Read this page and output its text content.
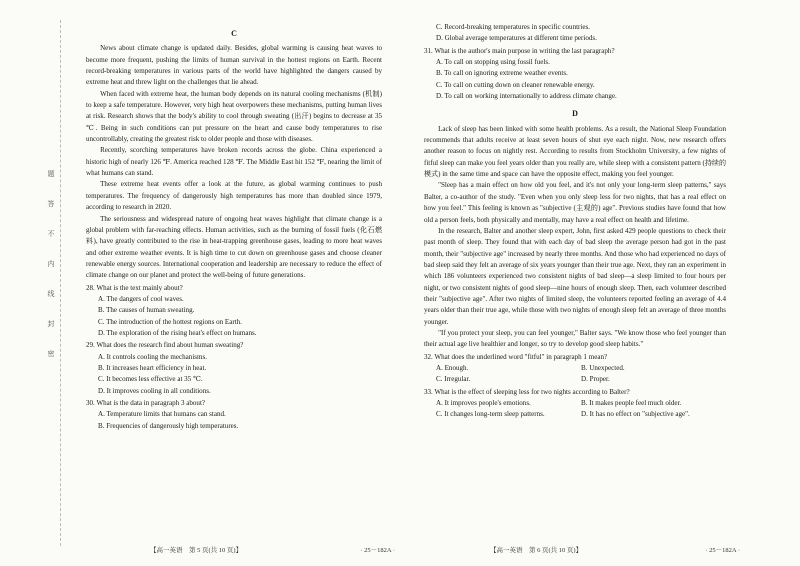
题
答
不
内
线
封
密
C

News about climate change is updated daily. Besides, global warming is causing heat waves to become more frequent, pushing the limits of human survival in the hottest regions on Earth. Recent record-breaking temperatures in various parts of the world have highlighted the dangers caused by extreme heat and threw light on the challenges that lie ahead.

When faced with extreme heat, the human body depends on its natural cooling mechanisms (机制) to keep a safe temperature. However, very high heat overpowers these mechanisms, putting human lives at risk. Research shows that the body's ability to cool through sweating (出汗) begins to decrease at 35 ℃. Being in such conditions can put pressure on the heart and cause body temperatures to rise uncontrollably, creating the greatest risk to older people and those with diseases.

Recently, scorching temperatures have broken records across the globe. China experienced a historic high of nearly 126 ℉. America reached 128 ℉. The Middle East hit 152 ℉, nearing the limit of what humans can stand.

These extreme heat events offer a look at the future, as global warming continues to push temperatures. The frequency of dangerously high temperatures has more than doubled since 1979, according to research in 2020.

The seriousness and widespread nature of ongoing heat waves highlight that climate change is a global problem with far-reaching effects. Human activities, such as the burning of fossil fuels (化石燃料), have greatly contributed to the rise in heat-trapping greenhouse gases, leading to more heat waves and other extreme weather events. It is high time to cut down on greenhouse gases and choose cleaner renewable energy sources. International cooperation and leadership are necessary to reduce the effect of climate change on our planet and protect the well-being of future generations.

28. What is the text mainly about?
A. The dangers of cool waves.
B. The causes of human sweating.
C. The introduction of the hottest regions on Earth.
D. The exploration of the rising heat's effect on humans.
29. What does the research find about human sweating?
A. It controls cooling the mechanisms.
B. It increases heart efficiency in heat.
C. It becomes less effective at 35 ℃.
D. It improves cooling in all conditions.
30. What is the data in paragraph 3 about?
A. Temperature limits that humans can stand.
B. Frequencies of dangerously high temperatures.
C. Record-breaking temperatures in specific countries.
D. Global average temperatures at different time periods.
31. What is the author's main purpose in writing the last paragraph?
A. To call on stopping using fossil fuels.
B. To call on ignoring extreme weather events.
C. To call on cutting down on cleaner renewable energy.
D. To call on working internationally to address climate change.
D

Lack of sleep has been linked with some health problems. As a result, the National Sleep Foundation recommends that adults receive at least seven hours of shut eye each night. Now, new research offers another reason to focus on nightly rest. According to results from Stockholm University, a few nights of fitful sleep can make you feel years older than you really are, while sleep with a consistent pattern (持续的模式) in the same time and space can have the opposite effect, making you feel younger.

"Sleep has a main effect on how old you feel, and it's not only your long-term sleep patterns," says Balter, a co-author of the study. "Even when you only sleep less for two nights, that has a real effect on how you feel." This feeling is known as "subjective (主观的) age". Previous studies have found that how old a person feels, both physically and mentally, may have a real effect on health and lifetime.

In the research, Balter and another sleep expert, John, first asked 429 people questions to check their past month of sleep. They found that with each day of bad sleep the average person had got in the past month, their "subjective age" increased by nearly three months. And those who had experienced no days of bad sleep said they felt an average of six years younger than their true age. Next, they ran an experiment in which 186 volunteers experienced two consistent nights of bad sleep—a sleep limited to four hours per night, or two consistent nights of good sleep—nine hours of enough sleep. Then, each volunteer described their "subjective age". After two nights of limited sleep, the volunteers reported feeling an average of 4.4 years older than their true age, while those with two nights of enough sleep felt an average of three months younger.

"If you protect your sleep, you can feel younger," Balter says. "We know those who feel younger than their actual age live healthier and longer, so try to develop good sleep habits."

32. What does the underlined word "fitful" in paragraph 1 mean?
A. Enough.	B. Unexpected.
C. Irregular.	D. Proper.
33. What is the effect of sleeping less for two nights according to Balter?
A. It improves people's emotions.	B. It makes people feel much older.
C. It changes long-term sleep patterns.	D. It has no effect on "subjective age".
【高一英语　第 5 页(共 10 页)】	· 25－182A ·	【高一英语　第 6 页(共 10 页)】	· 25－182A ·
